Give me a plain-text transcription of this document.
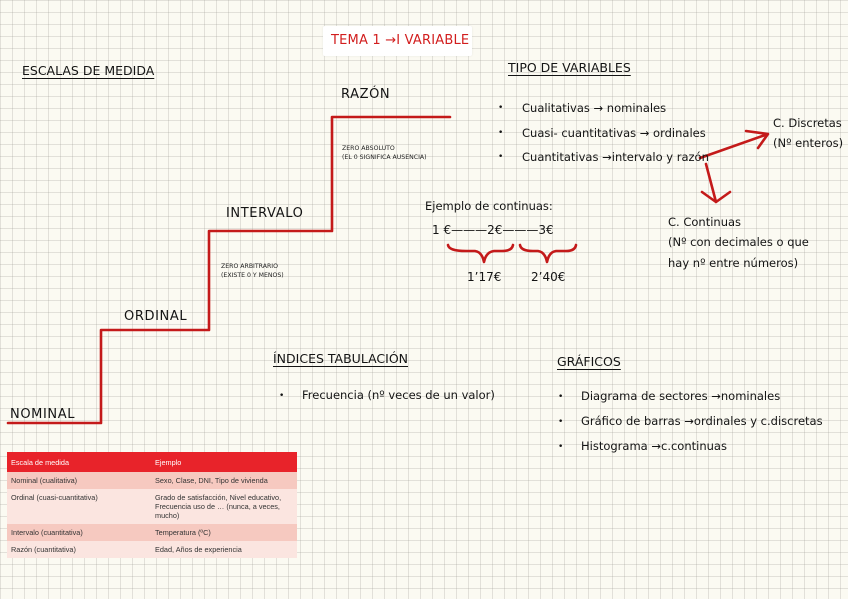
TEMA 1 →I VARIABLE
ESCALAS DE MEDIDA
RAZÓN
ZERO ABSOLUTO
(EL 0 SIGNIFICA AUSENCIA)
INTERVALO
ZERO ARBITRARIO
(EXISTE 0 Y MENOS)
ORDINAL
NOMINAL
TIPO DE VARIABLES
• Cualitativas → nominales
• Cuasi- cuantitativas → ordinales
• Cuantitativas →intervalo y razón
C. Discretas
(Nº enteros)
C. Continuas
(Nº con decimales o que
hay nº entre números)
Ejemplo de continuas:
1 €———2€———3€
1’17€ 2’40€
ÍNDICES TABULACIÓN
• Frecuencia (nº veces de un valor)
GRÁFICOS
• Diagrama de sectores →nominales
• Gráfico de barras →ordinales y c.discretas
• Histograma →c.continuas
Escala de medida	Ejemplo
Nominal (cualitativa)	Sexo, Clase, DNI, Tipo de vivienda
Ordinal (cuasi-cuantitativa)	Grado de satisfacción, Nivel educativo, Frecuencia uso de … (nunca, a veces, mucho)
Intervalo (cuantitativa)	Temperatura (ºC)
Razón (cuantitativa)	Edad, Años de experiencia
